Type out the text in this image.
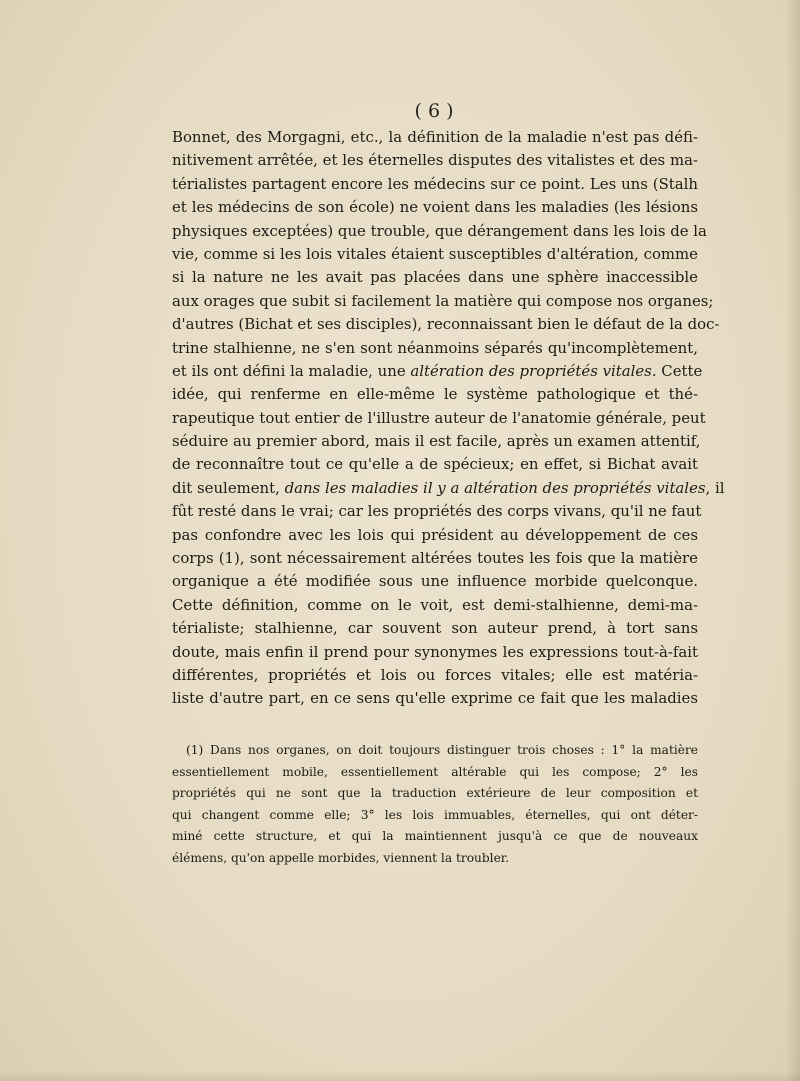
( 6 )
Bonnet, des Morgagni, etc., la définition de la maladie n'est pas défi-
nitivement arrêtée, et les éternelles disputes des vitalistes et des ma-
térialistes partagent encore les médecins sur ce point. Les uns (Stalh
et les médecins de son école) ne voient dans les maladies (les lésions
physiques exceptées) que trouble, que dérangement dans les lois de la
vie, comme si les lois vitales étaient susceptibles d'altération, comme
si la nature ne les avait pas placées dans une sphère inaccessible
aux orages que subit si facilement la matière qui compose nos organes;
d'autres (Bichat et ses disciples), reconnaissant bien le défaut de la doc-
trine stalhienne, ne s'en sont néanmoins séparés qu'incomplètement,
et ils ont défini la maladie, une altération des propriétés vitales. Cette
idée, qui renferme en elle-même le système pathologique et thé-
rapeutique tout entier de l'illustre auteur de l'anatomie générale, peut
séduire au premier abord, mais il est facile, après un examen attentif,
de reconnaître tout ce qu'elle a de spécieux; en effet, si Bichat avait
dit seulement, dans les maladies il y a altération des propriétés vitales, il
fût resté dans le vrai; car les propriétés des corps vivans, qu'il ne faut
pas confondre avec les lois qui président au développement de ces
corps (1), sont nécessairement altérées toutes les fois que la matière
organique a été modifiée sous une influence morbide quelconque.
Cette définition, comme on le voit, est demi-stalhienne, demi-ma-
térialiste; stalhienne, car souvent son auteur prend, à tort sans
doute, mais enfin il prend pour synonymes les expressions tout-à-fait
différentes, propriétés et lois ou forces vitales; elle est matéria-
liste d'autre part, en ce sens qu'elle exprime ce fait que les maladies
(1) Dans nos organes, on doit toujours distinguer trois choses : 1° la matière
essentiellement mobile, essentiellement altérable qui les compose; 2° les
propriétés qui ne sont que la traduction extérieure de leur composition et
qui changent comme elle; 3° les lois immuables, éternelles, qui ont déter-
miné cette structure, et qui la maintiennent jusqu'à ce que de nouveaux
élémens, qu'on appelle morbides, viennent la troubler.
